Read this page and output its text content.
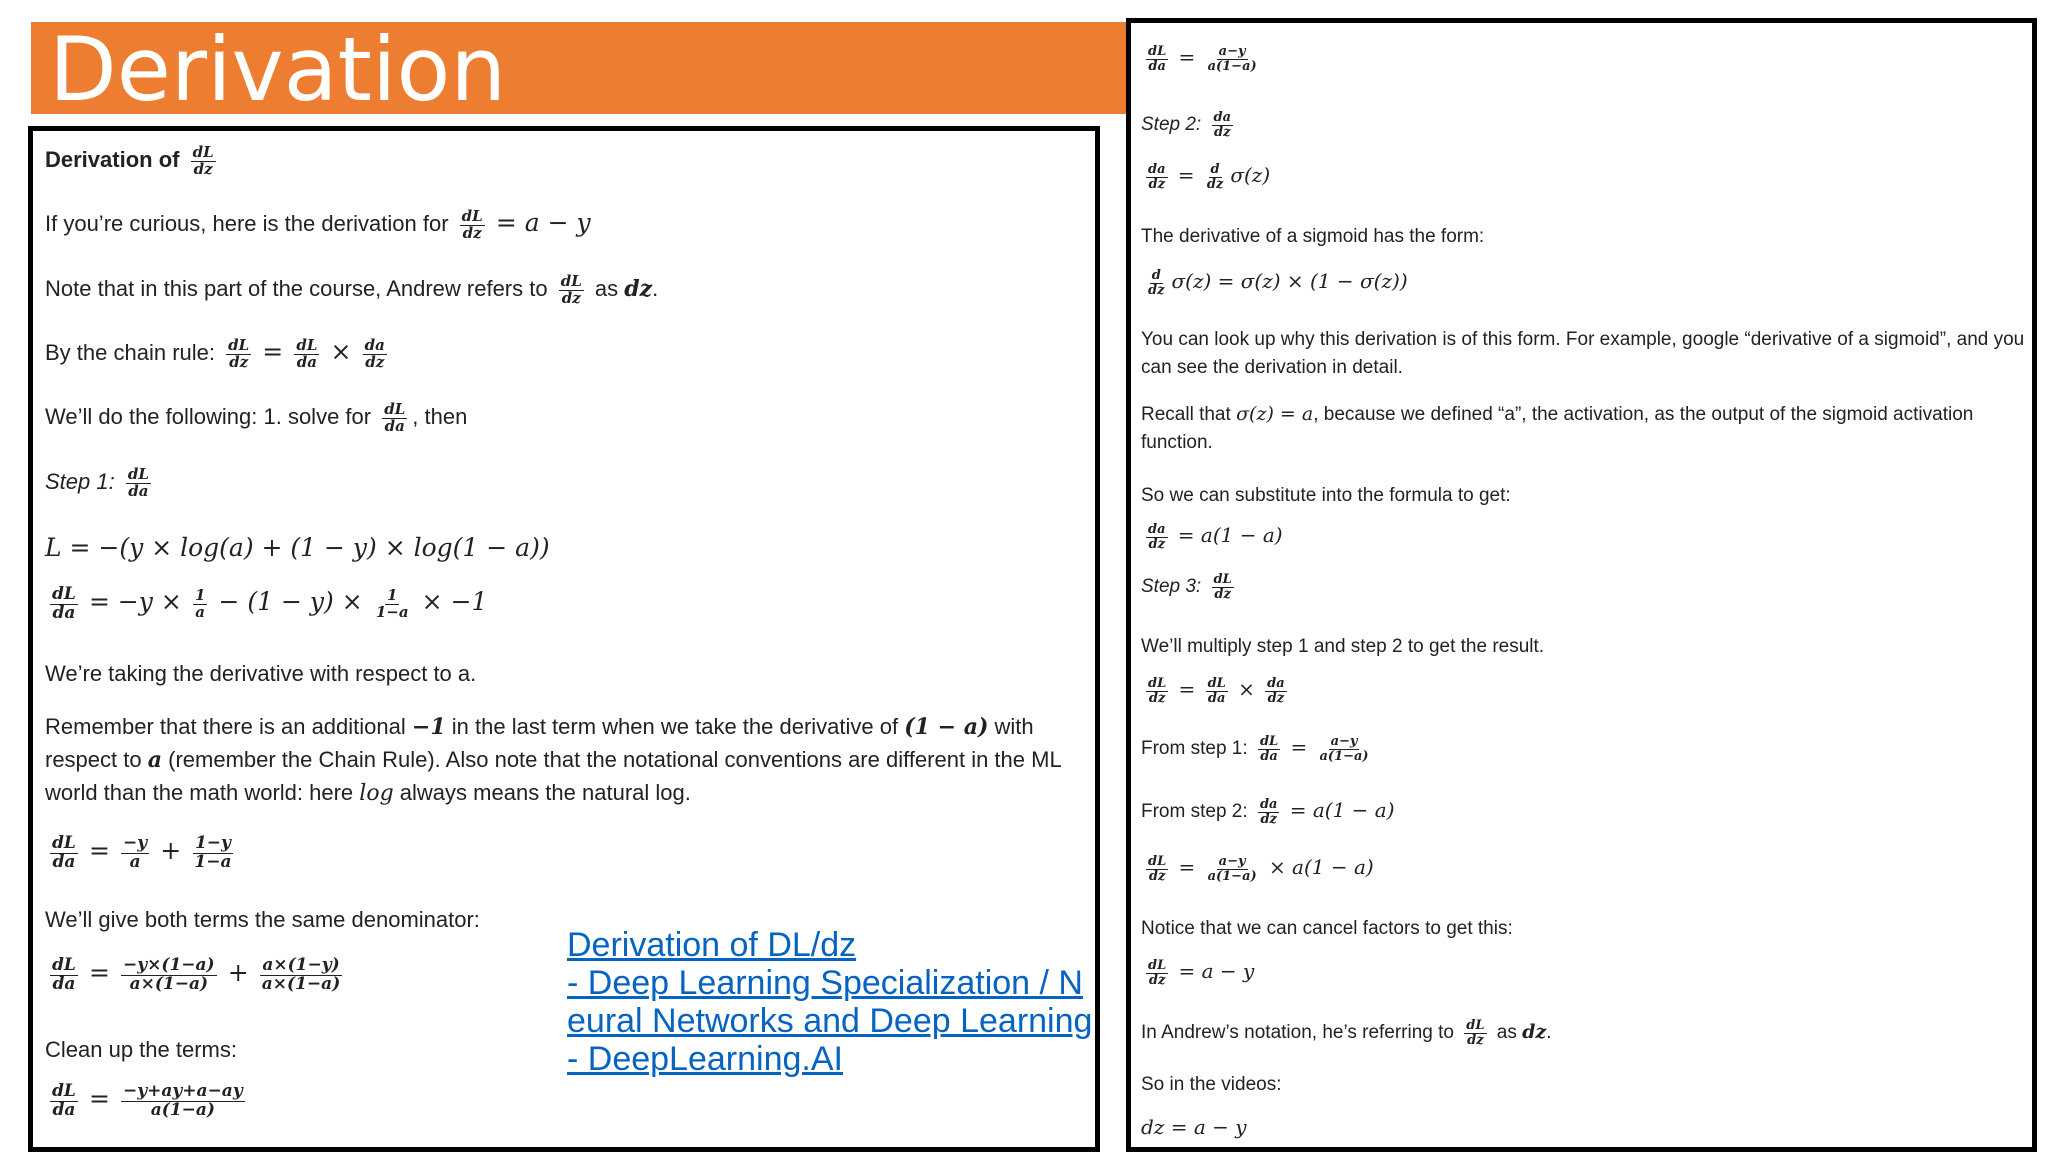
Derivation
Derivation of $\frac{dL}{dz}$
If you’re curious, here is the derivation for $\frac{dL}{dz} = a - y$
Note that in this part of the course, Andrew refers to $\frac{dL}{dz}$ as dz.
By the chain rule: $\frac{dL}{dz} = \frac{dL}{da} \times \frac{da}{dz}$
We’ll do the following: 1. solve for $\frac{dL}{da}$ , then
Step 1: $\frac{dL}{da}$
L = −(y × log(a) + (1 − y) × log(1 − a))
$\frac{dL}{da} = -y \times \frac{1}{a} - (1 - y) \times \frac{1}{1-a} \times -1$
We’re taking the derivative with respect to a.
Remember that there is an additional −1 in the last term when we take the derivative of (1 − a) with respect to a (remember the Chain Rule). Also note that the notational conventions are different in the ML world than the math world: here log always means the natural log.
$\frac{dL}{da} = \frac{-y}{a} + \frac{1-y}{1-a}$
We’ll give both terms the same denominator:
$\frac{dL}{da} = \frac{-y\times(1-a)}{a\times(1-a)} + \frac{a\times(1-y)}{a\times(1-a)}$
Clean up the terms:
$\frac{dL}{da} = \frac{-y+ay+a-ay}{a(1-a)}$
Derivation of DL/dz
- Deep Learning Specialization / N
eural Networks and Deep Learning
- DeepLearning.AI
$\frac{dL}{da} = \frac{a-y}{a(1-a)}$
Step 2: $\frac{da}{dz}$
$\frac{da}{dz} = \frac{d}{dz} \sigma(z)$
The derivative of a sigmoid has the form:
$\frac{d}{dz} \sigma(z) = \sigma(z) \times (1 - \sigma(z))$
You can look up why this derivation is of this form. For example, google “derivative of a sigmoid”, and you can see the derivation in detail.
Recall that σ(z) = a, because we defined “a”, the activation, as the output of the sigmoid activation function.
So we can substitute into the formula to get:
$\frac{da}{dz} = a(1 - a)$
Step 3: $\frac{dL}{dz}$
We’ll multiply step 1 and step 2 to get the result.
$\frac{dL}{dz} = \frac{dL}{da} \times \frac{da}{dz}$
From step 1: $\frac{dL}{da} = \frac{a-y}{a(1-a)}$
From step 2: $\frac{da}{dz} = a(1 - a)$
$\frac{dL}{dz} = \frac{a-y}{a(1-a)} \times a(1 - a)$
Notice that we can cancel factors to get this:
$\frac{dL}{dz} = a - y$
In Andrew’s notation, he’s referring to $\frac{dL}{dz}$ as dz.
So in the videos:
dz = a − y
